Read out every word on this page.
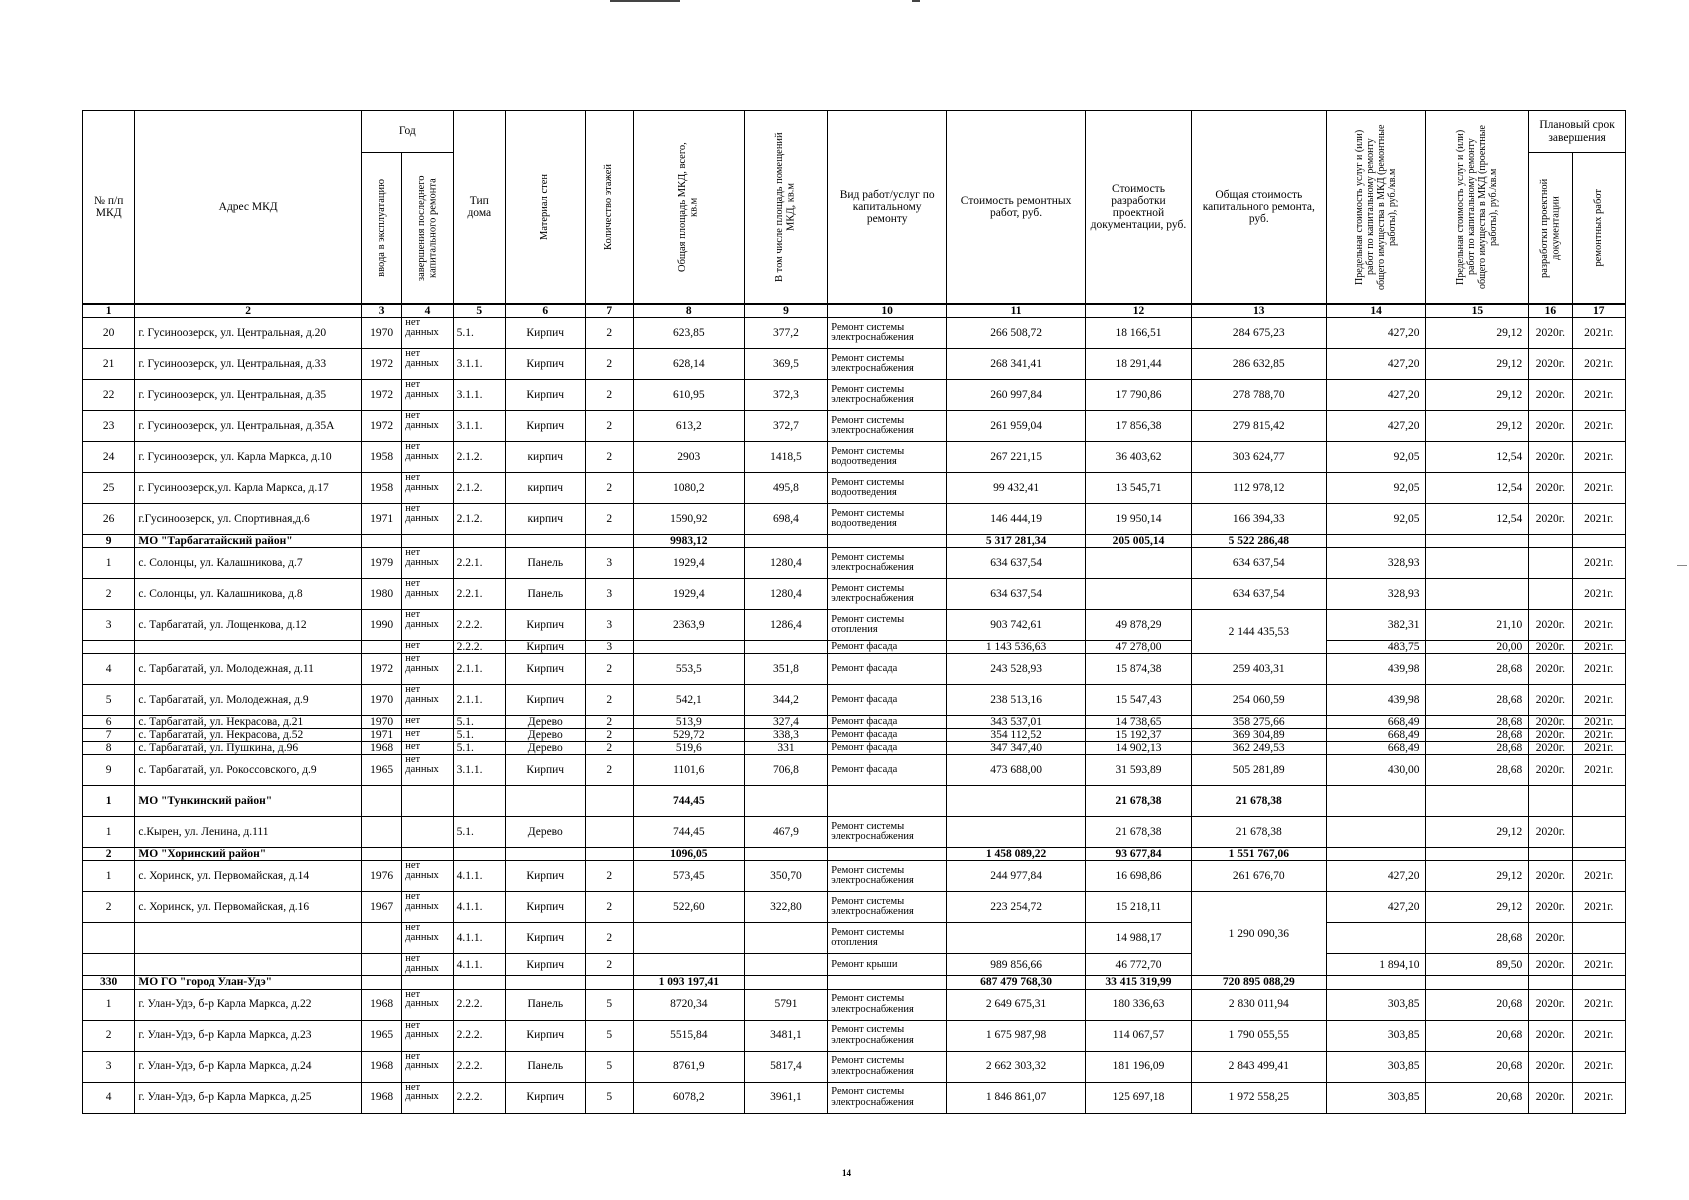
№ п/п МКД	Адрес МКД	Год		Тип дома	Материал стен	Количество этажей	Общая площадь МКД, всего, кв.м	В том числе площадь помещений МКД, кв.м	Вид работ/услуг по капитальному ремонту	Стоимость ремонтных работ, руб.	Стоимость разработки проектной документации, руб.	Общая стоимость капитального ремонта, руб.	Предельная стоимость услуг и (или) работ по капитальному ремонту общего имущества в МКД (ремонтные работы), руб./кв.м	Предельная стоимость услуг и (или) работ по капитальному ремонту общего имущества в МКД (проектные работы), руб./кв.м	Плановый срок завершения	

		ввода в эксплуатацию	завершения последнего капитального ремонта												разработки проектной документации	ремонтных работ

1	2	3	4	5	6	7	8	9	10	11	12	13	14	15	16	17
20	г. Гусиноозерск, ул. Центральная, д.20	1970	нет данных	5.1.	Кирпич	2	623,85	377,2	Ремонт системы электроснабжения	266 508,72	18 166,51	284 675,23	427,20	29,12	2020г.	2021г.
21	г. Гусиноозерск, ул. Центральная, д.33	1972	нет данных	3.1.1.	Кирпич	2	628,14	369,5	Ремонт системы электроснабжения	268 341,41	18 291,44	286 632,85	427,20	29,12	2020г.	2021г.
22	г. Гусиноозерск, ул. Центральная, д.35	1972	нет данных	3.1.1.	Кирпич	2	610,95	372,3	Ремонт системы электроснабжения	260 997,84	17 790,86	278 788,70	427,20	29,12	2020г.	2021г.
23	г. Гусиноозерск, ул. Центральная, д.35А	1972	нет данных	3.1.1.	Кирпич	2	613,2	372,7	Ремонт системы электроснабжения	261 959,04	17 856,38	279 815,42	427,20	29,12	2020г.	2021г.
24	г. Гусиноозерск, ул. Карла Маркса, д.10	1958	нет данных	2.1.2.	кирпич	2	2903	1418,5	Ремонт системы водоотведения	267 221,15	36 403,62	303 624,77	92,05	12,54	2020г.	2021г.
25	г. Гусиноозерск,ул. Карла Маркса, д.17	1958	нет данных	2.1.2.	кирпич	2	1080,2	495,8	Ремонт системы водоотведения	99 432,41	13 545,71	112 978,12	92,05	12,54	2020г.	2021г.
26	г.Гусиноозерск, ул. Спортивная,д.6	1971	нет данных	2.1.2.	кирпич	2	1590,92	698,4	Ремонт системы водоотведения	146 444,19	19 950,14	166 394,33	92,05	12,54	2020г.	2021г.
9	МО "Тарбагатайский район"						9983,12			5 317 281,34	205 005,14	5 522 286,48				
1	с. Солонцы, ул. Калашникова, д.7	1979	нет данных	2.2.1.	Панель	3	1929,4	1280,4	Ремонт системы электроснабжения	634 637,54		634 637,54	328,93			2021г.
2	с. Солонцы, ул. Калашникова, д.8	1980	нет данных	2.2.1.	Панель	3	1929,4	1280,4	Ремонт системы электроснабжения	634 637,54		634 637,54	328,93			2021г.
3	с. Тарбагатай, ул. Лощенкова, д.12	1990	нет данных	2.2.2.	Кирпич	3	2363,9	1286,4	Ремонт системы отопления	903 742,61	49 878,29	2 144 435,53	382,31	21,10	2020г.	2021г.
			нет	2.2.2.	Кирпич	3			Ремонт фасада	1 143 536,63	47 278,00		483,75	20,00	2020г.	2021г.
4	с. Тарбагатай, ул. Молодежная, д.11	1972	нет данных	2.1.1.	Кирпич	2	553,5	351,8	Ремонт фасада	243 528,93	15 874,38	259 403,31	439,98	28,68	2020г.	2021г.
5	с. Тарбагатай, ул. Молодежная, д.9	1970	нет данных	2.1.1.	Кирпич	2	542,1	344,2	Ремонт фасада	238 513,16	15 547,43	254 060,59	439,98	28,68	2020г.	2021г.
6	с. Тарбагатай, ул. Некрасова, д.21	1970	нет	5.1.	Дерево	2	513,9	327,4	Ремонт фасада	343 537,01	14 738,65	358 275,66	668,49	28,68	2020г.	2021г.
7	с. Тарбагатай, ул. Некрасова, д.52	1971	нет	5.1.	Дерево	2	529,72	338,3	Ремонт фасада	354 112,52	15 192,37	369 304,89	668,49	28,68	2020г.	2021г.
8	с. Тарбагатай, ул. Пушкина, д.96	1968	нет	5.1.	Дерево	2	519,6	331	Ремонт фасада	347 347,40	14 902,13	362 249,53	668,49	28,68	2020г.	2021г.
9	с. Тарбагатай, ул. Рокоссовского, д.9	1965	нет данных	3.1.1.	Кирпич	2	1101,6	706,8	Ремонт фасада	473 688,00	31 593,89	505 281,89	430,00	28,68	2020г.	2021г.
1	МО "Тункинский район"						744,45				21 678,38	21 678,38				
1	с.Кырен, ул. Ленина, д.111			5.1.	Дерево		744,45	467,9	Ремонт системы электроснабжения		21 678,38	21 678,38		29,12	2020г.	
2	МО "Хоринский район"						1096,05			1 458 089,22	93 677,84	1 551 767,06				
1	с. Хоринск, ул. Первомайская, д.14	1976	нет данных	4.1.1.	Кирпич	2	573,45	350,70	Ремонт системы электроснабжения	244 977,84	16 698,86	261 676,70	427,20	29,12	2020г.	2021г.
2	с. Хоринск, ул. Первомайская, д.16	1967	нет данных	4.1.1.	Кирпич	2	522,60	322,80	Ремонт системы электроснабжения	223 254,72	15 218,11	1 290 090,36	427,20	29,12	2020г.	2021г.
			нет данных	4.1.1.	Кирпич	2			Ремонт системы отопления		14 988,17			28,68	2020г.	
			нет данных	4.1.1.	Кирпич	2			Ремонт крыши	989 856,66	46 772,70		1 894,10	89,50	2020г.	2021г.
330	МО ГО "город Улан-Удэ"						1 093 197,41			687 479 768,30	33 415 319,99	720 895 088,29				
1	г. Улан-Удэ, б-р Карла Маркса, д.22	1968	нет данных	2.2.2.	Панель	5	8720,34	5791	Ремонт системы электроснабжения	2 649 675,31	180 336,63	2 830 011,94	303,85	20,68	2020г.	2021г.
2	г. Улан-Удэ, б-р Карла Маркса, д.23	1965	нет данных	2.2.2.	Кирпич	5	5515,84	3481,1	Ремонт системы электроснабжения	1 675 987,98	114 067,57	1 790 055,55	303,85	20,68	2020г.	2021г.
3	г. Улан-Удэ, б-р Карла Маркса, д.24	1968	нет данных	2.2.2.	Панель	5	8761,9	5817,4	Ремонт системы электроснабжения	2 662 303,32	181 196,09	2 843 499,41	303,85	20,68	2020г.	2021г.
4	г. Улан-Удэ, б-р Карла Маркса, д.25	1968	нет данных	2.2.2.	Кирпич	5	6078,2	3961,1	Ремонт системы электроснабжения	1 846 861,07	125 697,18	1 972 558,25	303,85	20,68	2020г.	2021г.
14
